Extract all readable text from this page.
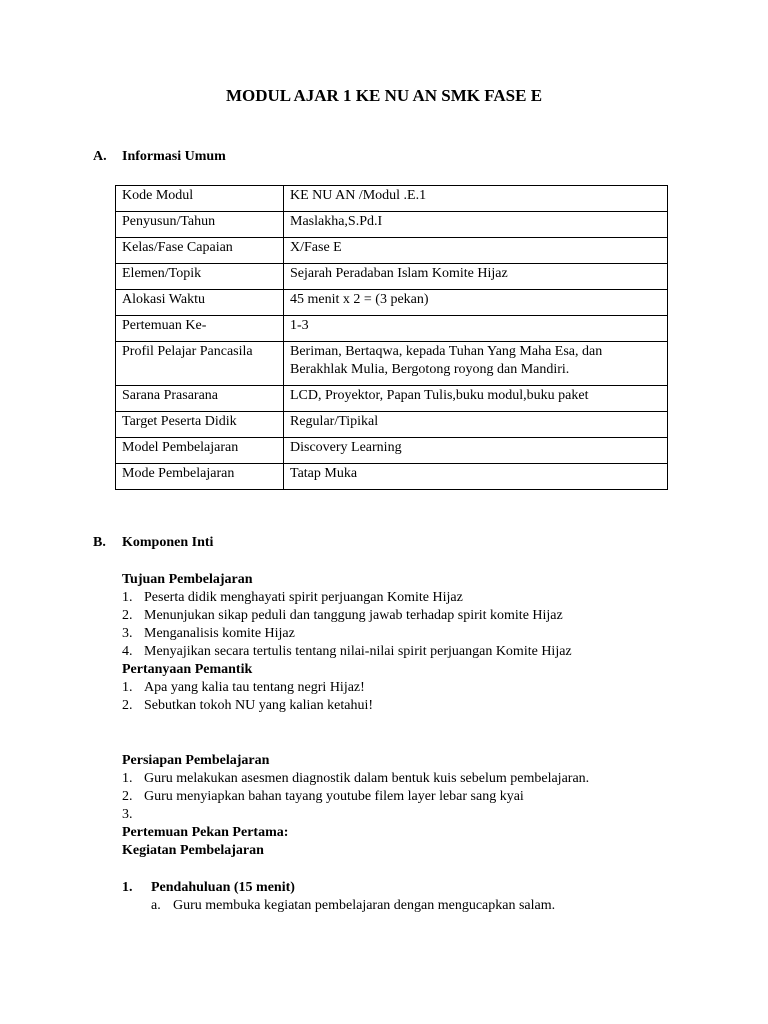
MODUL AJAR 1 KE NU AN SMK FASE E
A. Informasi Umum
Kode Modul	KE NU AN /Modul .E.1
Penyusun/Tahun	Maslakha,S.Pd.I
Kelas/Fase Capaian	X/Fase E
Elemen/Topik	Sejarah Peradaban Islam Komite Hijaz
Alokasi Waktu	45 menit x 2 = (3 pekan)
Pertemuan Ke-	1-3
Profil Pelajar Pancasila	Beriman, Bertaqwa, kepada Tuhan Yang Maha Esa, dan
Berakhlak Mulia, Bergotong royong dan Mandiri.

Sarana Prasarana	LCD, Proyektor, Papan Tulis,buku modul,buku paket
Target Peserta Didik	Regular/Tipikal
Model Pembelajaran	Discovery Learning
Mode Pembelajaran	Tatap Muka
B. Komponen Inti
Tujuan Pembelajaran
1. Peserta didik menghayati spirit perjuangan Komite Hijaz
2. Menunjukan sikap peduli dan tanggung jawab terhadap spirit komite Hijaz
3. Menganalisis komite Hijaz
4. Menyajikan secara tertulis tentang nilai-nilai spirit perjuangan Komite Hijaz
Pertanyaan Pemantik
1. Apa yang kalia tau tentang negri Hijaz!
2. Sebutkan tokoh NU yang kalian ketahui!
Persiapan Pembelajaran
1. Guru melakukan asesmen diagnostik dalam bentuk kuis sebelum pembelajaran.
2. Guru menyiapkan bahan tayang youtube filem layer lebar sang kyai
3.
Pertemuan Pekan Pertama:
Kegiatan Pembelajaran
1. Pendahuluan (15 menit)
a. Guru membuka kegiatan pembelajaran dengan mengucapkan salam.
